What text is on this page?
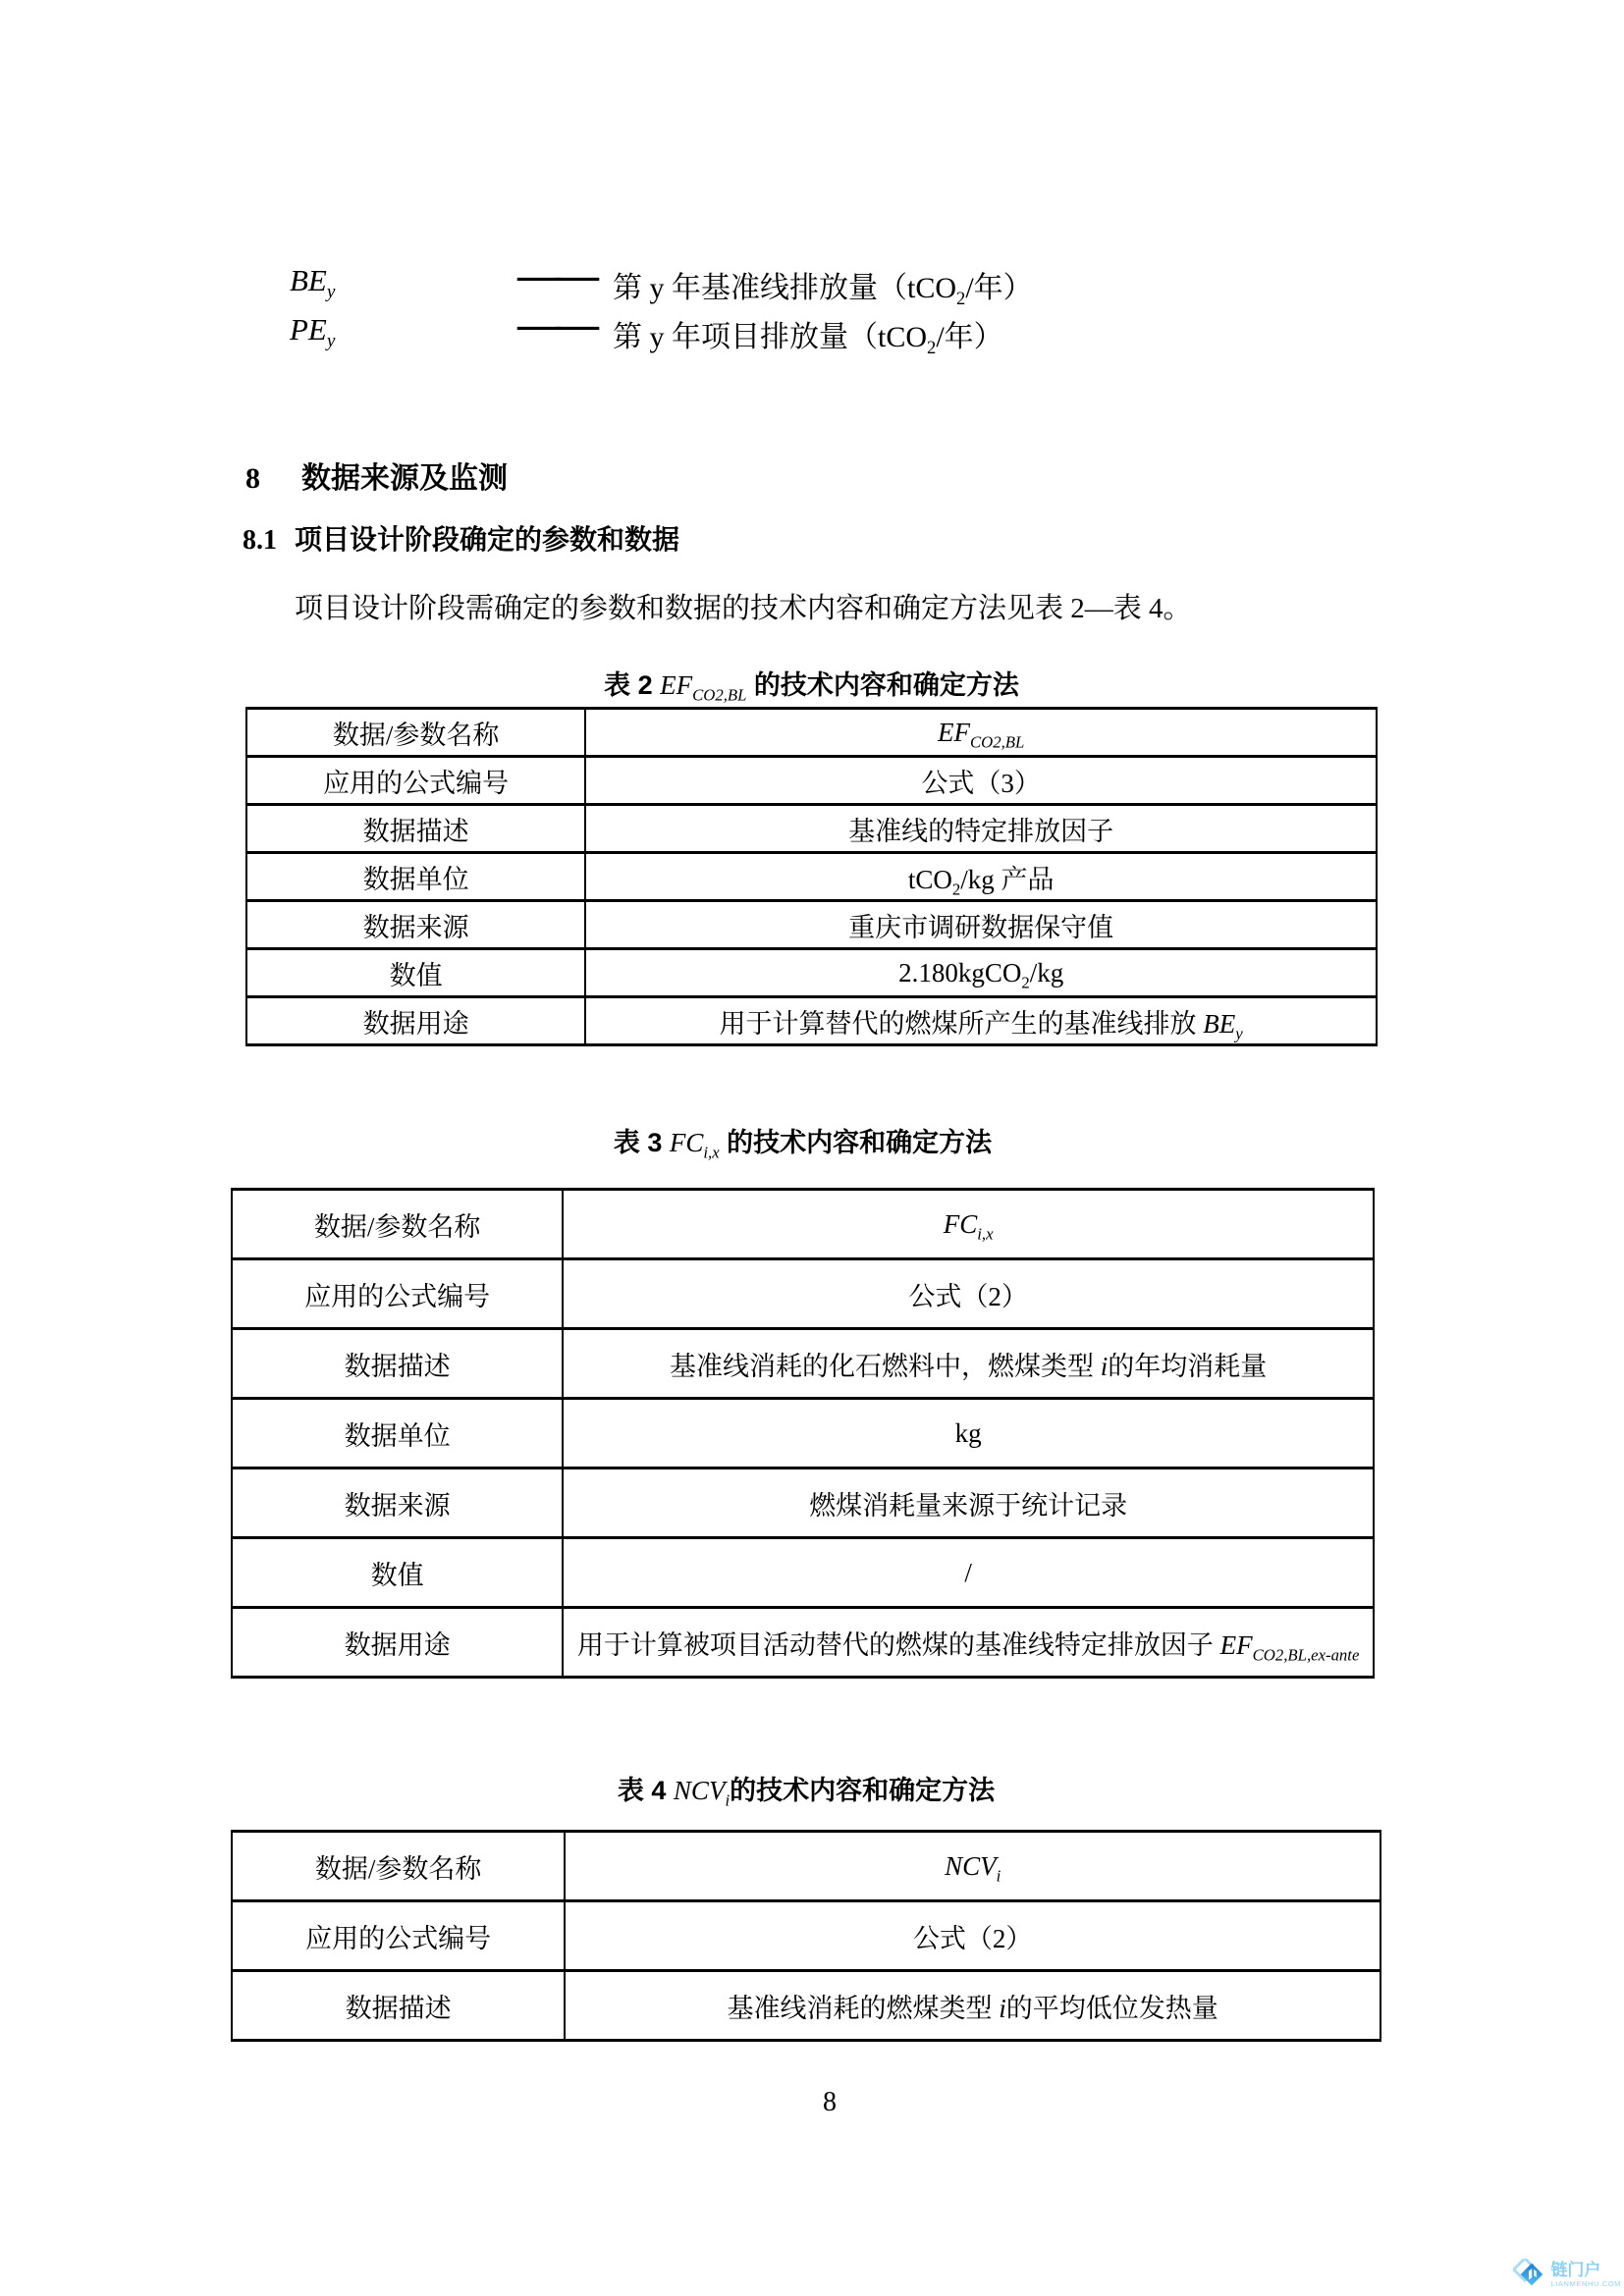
$BE_y$	—— 第 y 年基准线排放量（tCO$_2$/年）
$PE_y$	—— 第 y 年项目排放量（tCO$_2$/年）
8 数据来源及监测
8.1 项目设计阶段确定的参数和数据
项目设计阶段需确定的参数和数据的技术内容和确定方法见表 2—表 4。
表 2 $EF_{CO2,BL}$ 的技术内容和确定方法
数据/参数名称	$EF_{CO2,BL}$
应用的公式编号	公式（3）
数据描述	基准线的特定排放因子
数据单位	tCO$_2$/kg 产品
数据来源	重庆市调研数据保守值
数值	2.180kgCO$_2$/kg
数据用途	用于计算替代的燃煤所产生的基准线排放 $BE_y$
表 3 $FC_{i,x}$ 的技术内容和确定方法
数据/参数名称	$FC_{i,x}$
应用的公式编号	公式（2）
数据描述	基准线消耗的化石燃料中，燃煤类型 i的年均消耗量
数据单位	kg
数据来源	燃煤消耗量来源于统计记录
数值	/
数据用途	用于计算被项目活动替代的燃煤的基准线特定排放因子 $EF_{CO2,BL,ex-ante}$
表 4 $NCV_i$的技术内容和确定方法
数据/参数名称	$NCV_i$
应用的公式编号	公式（2）
数据描述	基准线消耗的燃煤类型 i的平均低位发热量
8
链门户
LIANMENHU.COM
